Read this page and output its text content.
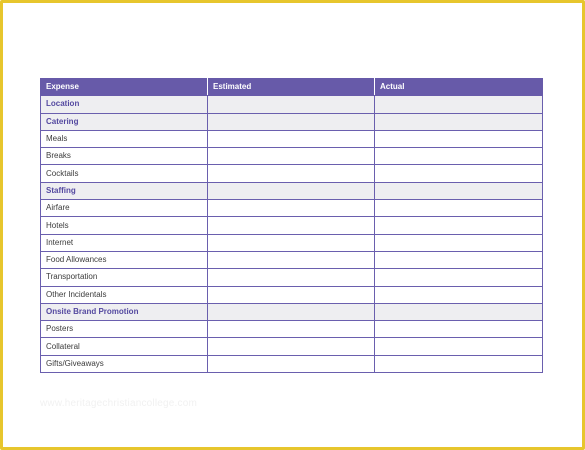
Expense	Estimated	Actual
Location		
Catering		
Meals		
Breaks		
Cocktails		
Staffing		
Airfare		
Hotels		
Internet		
Food Allowances		
Transportation		
Other Incidentals		
Onsite Brand Promotion		
Posters		
Collateral		
Gifts/Giveaways		
www.heritagechristiancollege.com
